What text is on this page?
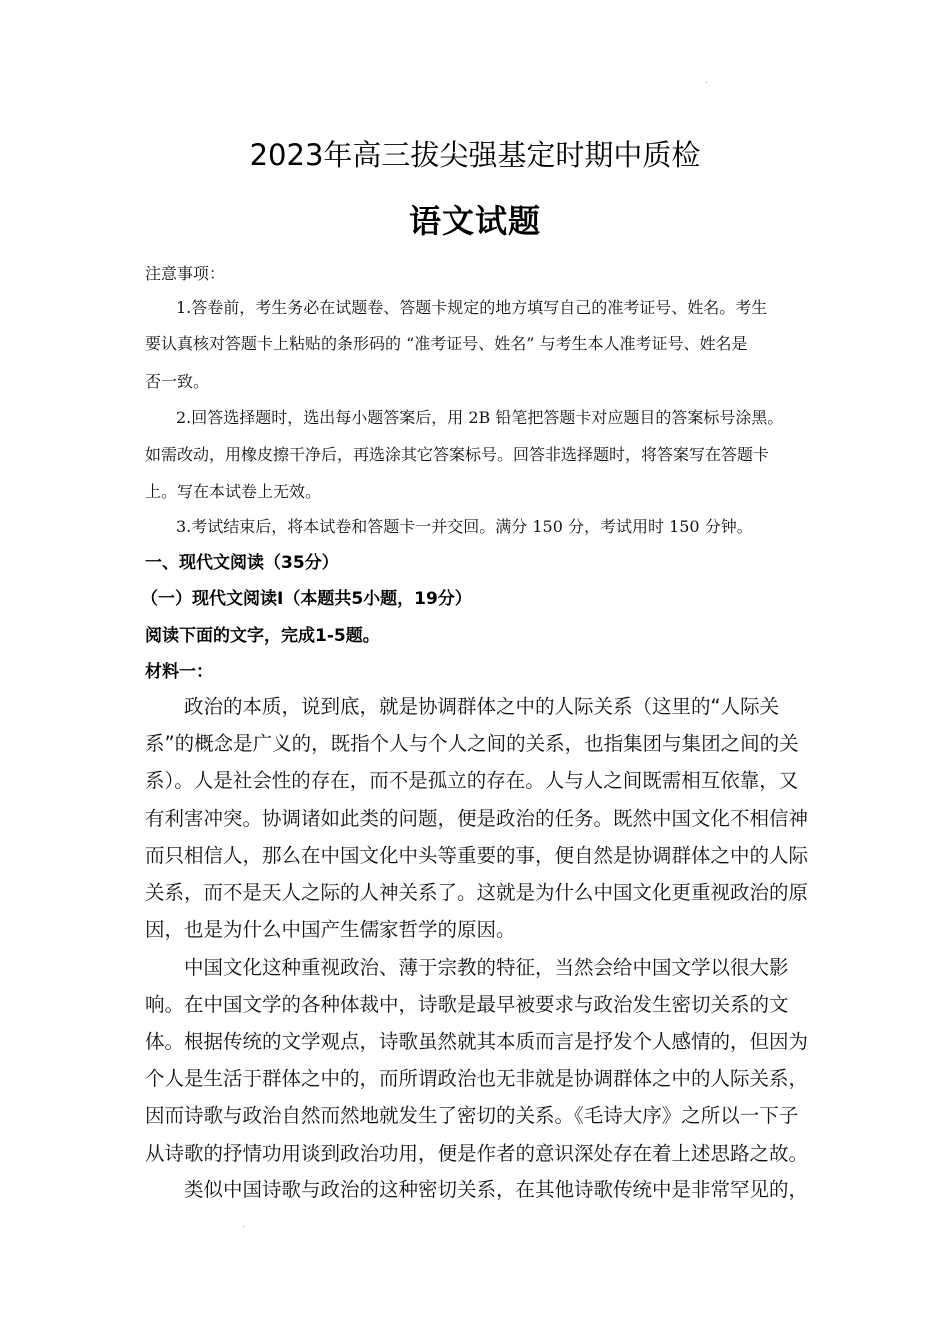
2023年高三拔尖强基定时期中质检
语文试题
注意事项：
1.答卷前，考生务必在试题卷、答题卡规定的地方填写自己的准考证号、姓名。考生
要认真核对答题卡上粘贴的条形码的 “准考证号、姓名” 与考生本人准考证号、姓名是
否一致。
2.回答选择题时，选出每小题答案后，用 2B 铅笔把答题卡对应题目的答案标号涂黑。
如需改动，用橡皮擦干净后，再选涂其它答案标号。回答非选择题时，将答案写在答题卡
上。写在本试卷上无效。
3.考试结束后，将本试卷和答题卡一并交回。满分 150 分，考试用时 150 分钟。
一、现代文阅读（35分）
（一）现代文阅读Ⅰ（本题共5小题，19分）
阅读下面的文字，完成1-5题。
材料一：
政治的本质，说到底，就是协调群体之中的人际关系（这里的“人际关
系”的概念是广义的，既指个人与个人之间的关系，也指集团与集团之间的关
系）。人是社会性的存在，而不是孤立的存在。人与人之间既需相互依靠，又
有利害冲突。协调诸如此类的问题，便是政治的任务。既然中国文化不相信神
而只相信人，那么在中国文化中头等重要的事，便自然是协调群体之中的人际
关系，而不是天人之际的人神关系了。这就是为什么中国文化更重视政治的原
因，也是为什么中国产生儒家哲学的原因。
中国文化这种重视政治、薄于宗教的特征，当然会给中国文学以很大影
响。在中国文学的各种体裁中，诗歌是最早被要求与政治发生密切关系的文
体。根据传统的文学观点，诗歌虽然就其本质而言是抒发个人感情的，但因为
个人是生活于群体之中的，而所谓政治也无非就是协调群体之中的人际关系，
因而诗歌与政治自然而然地就发生了密切的关系。《毛诗大序》之所以一下子
从诗歌的抒情功用谈到政治功用，便是作者的意识深处存在着上述思路之故。
类似中国诗歌与政治的这种密切关系，在其他诗歌传统中是非常罕见的，
